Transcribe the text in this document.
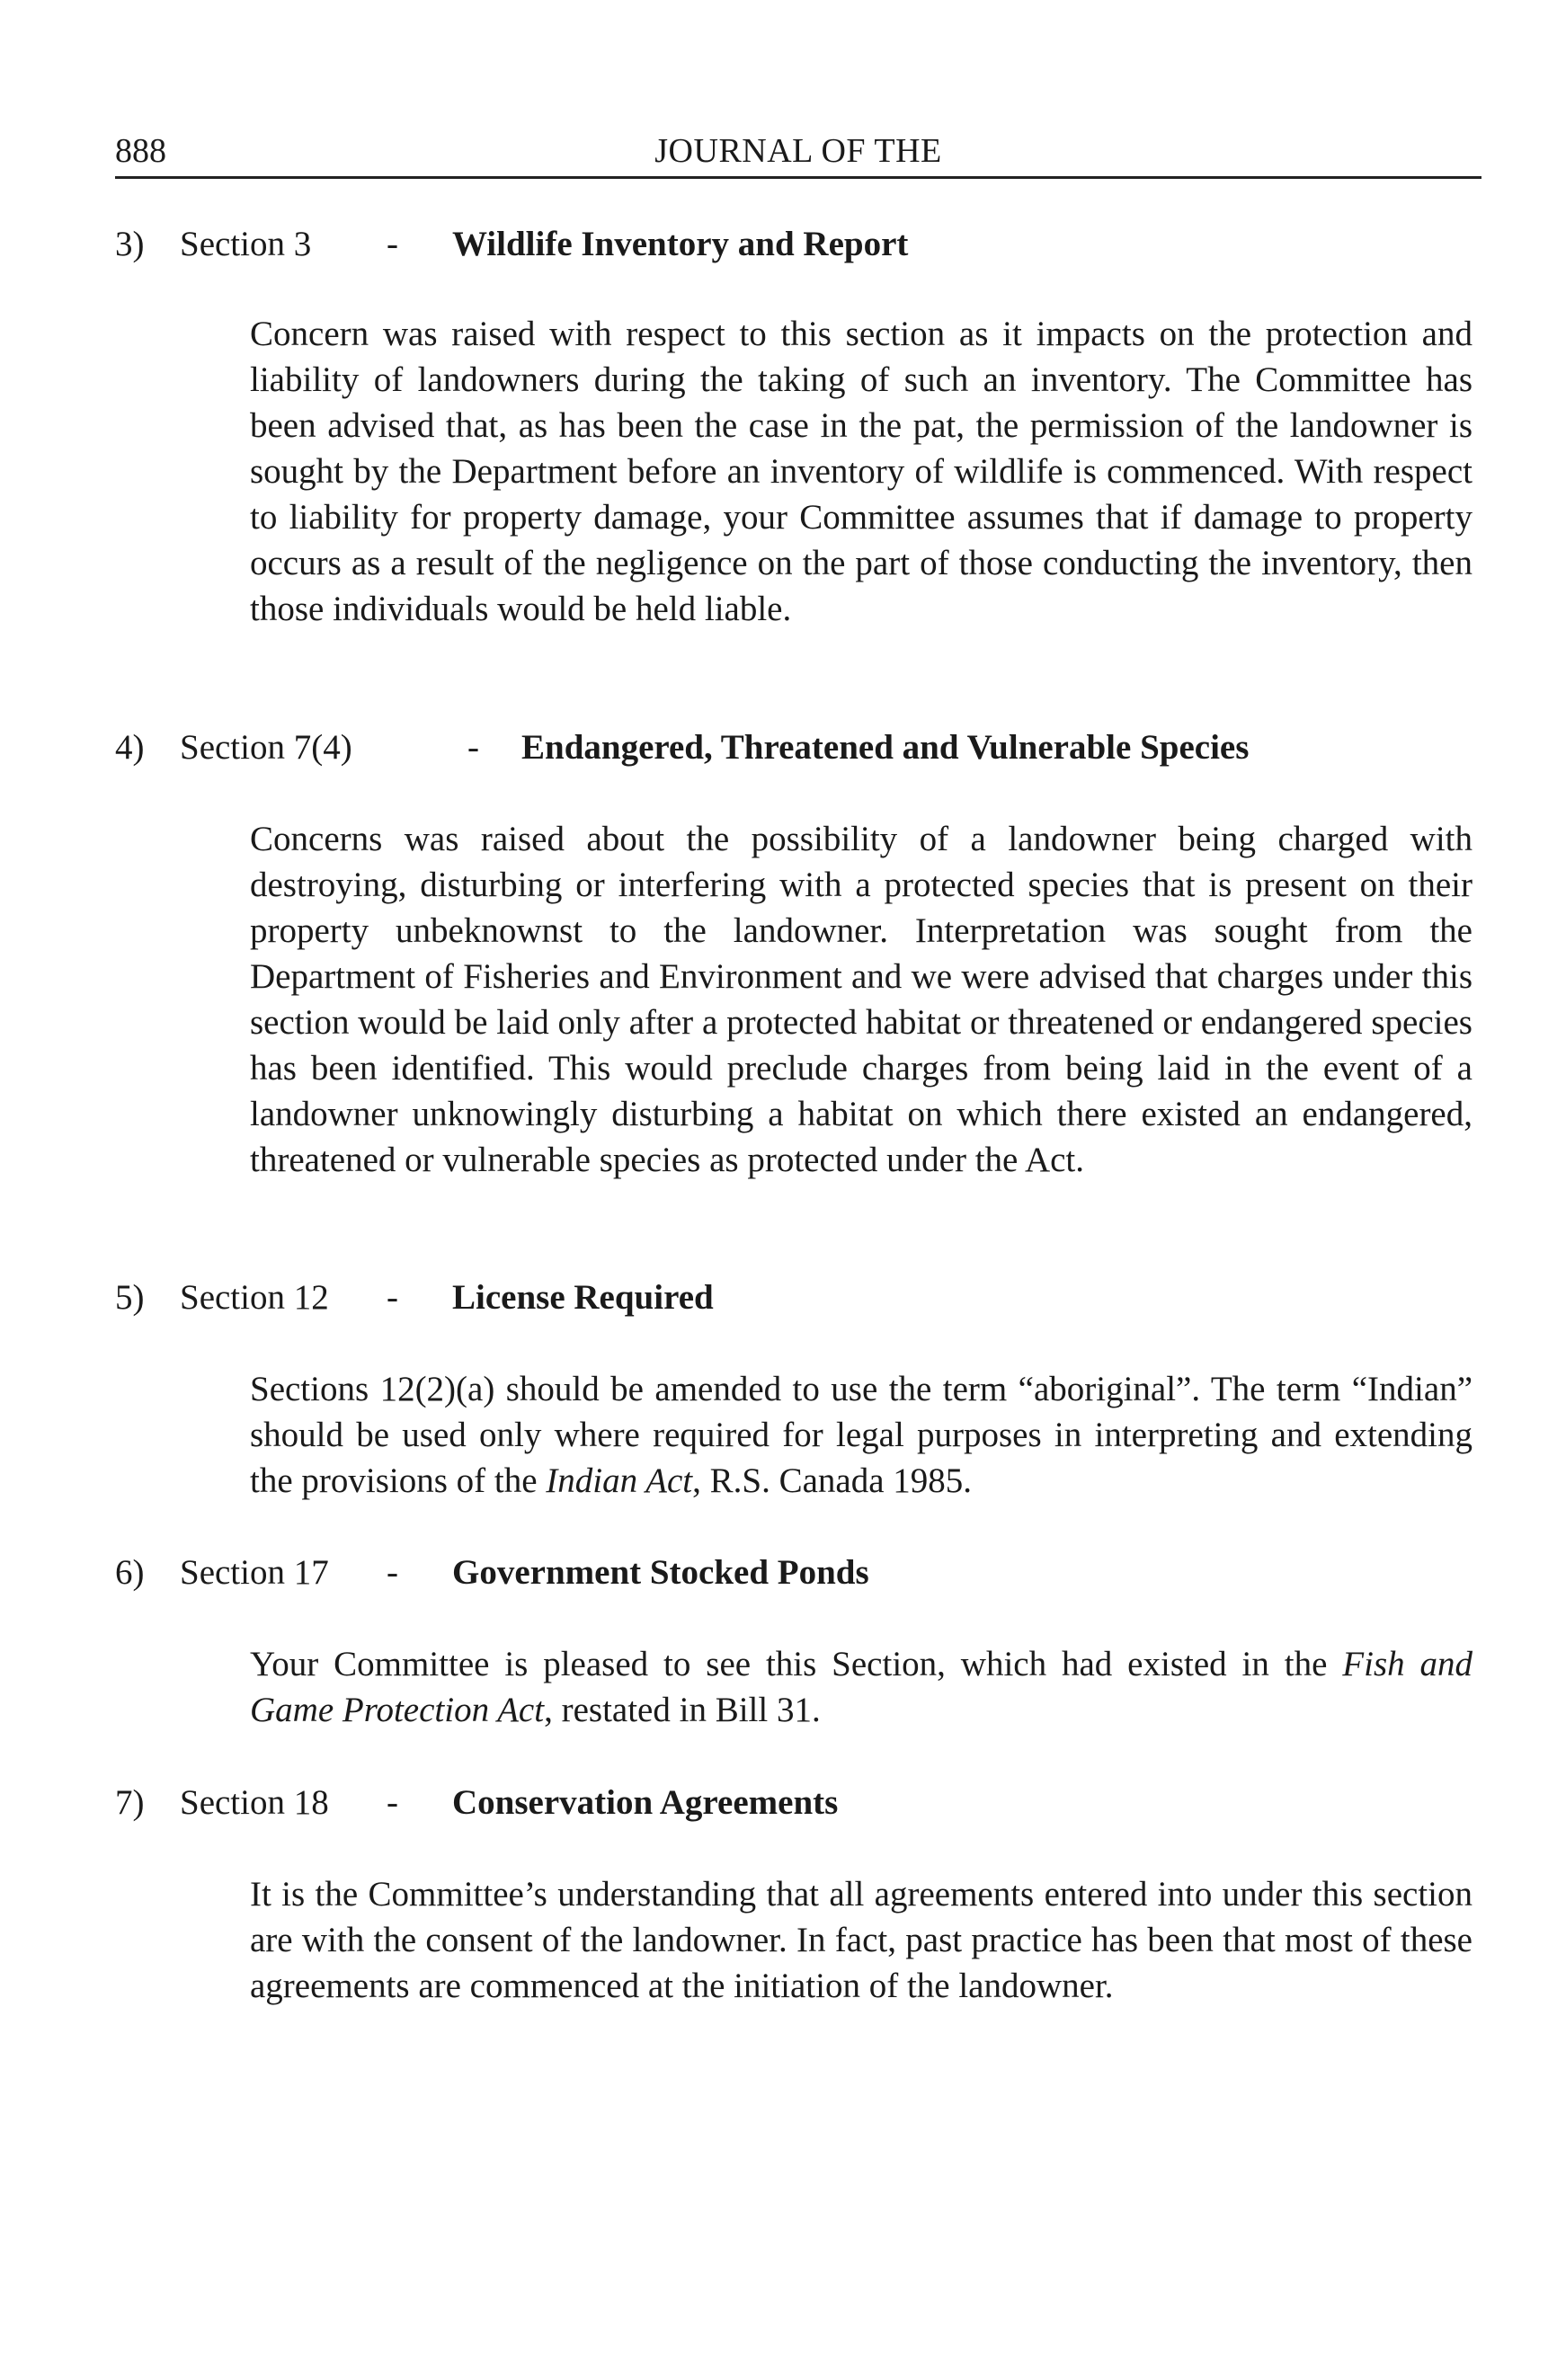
888	JOURNAL OF THE
3) Section 3 - Wildlife Inventory and Report

Concern was raised with respect to this section as it impacts on the protection and liability of landowners during the taking of such an inventory. The Committee has been advised that, as has been the case in the pat, the permission of the landowner is sought by the Department before an inventory of wildlife is commenced. With respect to liability for property damage, your Committee assumes that if damage to property occurs as a result of the negligence on the part of those conducting the inventory, then those individuals would be held liable.

4) Section 7(4)	- Endangered, Threatened and Vulnerable Species

Concerns was raised about the possibility of a landowner being charged with destroying, disturbing or interfering with a protected species that is present on their property unbeknownst to the landowner. Interpretation was sought from the Department of Fisheries and Environment and we were advised that charges under this section would be laid only after a protected habitat or threatened or endangered species has been identified. This would preclude charges from being laid in the event of a landowner unknowingly disturbing a habitat on which there existed an endangered, threatened or vulnerable species as protected under the Act.

5) Section 12 - License Required

Sections 12(2)(a) should be amended to use the term “aboriginal”. The term “Indian” should be used only where required for legal purposes in interpreting and extending the provisions of the Indian Act, R.S. Canada 1985.

6) Section 17 - Government Stocked Ponds

Your Committee is pleased to see this Section, which had existed in the Fish and Game Protection Act, restated in Bill 31.

7) Section 18 - Conservation Agreements

It is the Committee’s understanding that all agreements entered into under this section are with the consent of the landowner. In fact, past practice has been that most of these agreements are commenced at the initiation of the landowner.
